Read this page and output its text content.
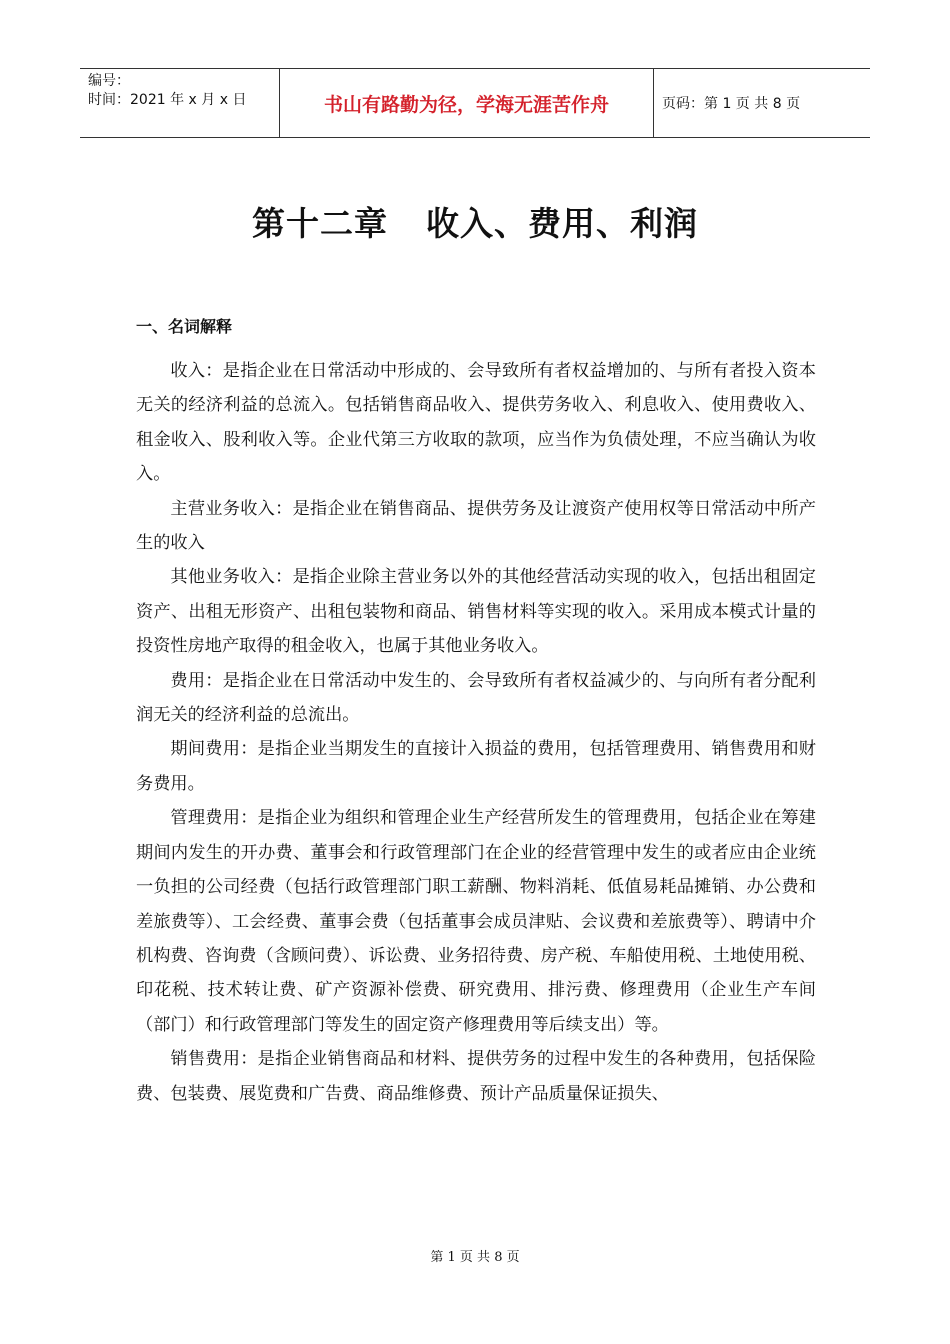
编号：
时间：2021 年 x 月 x 日	书山有路勤为径，学海无涯苦作舟	页码：第 1 页 共 8 页
第十二章 收入、费用、利润
一、名词解释

收入：是指企业在日常活动中形成的、会导致所有者权益增加的、与所有者投入资本无关的经济利益的总流入。包括销售商品收入、提供劳务收入、利息收入、使用费收入、租金收入、股利收入等。企业代第三方收取的款项，应当作为负债处理，不应当确认为收入。

主营业务收入：是指企业在销售商品、提供劳务及让渡资产使用权等日常活动中所产生的收入

其他业务收入：是指企业除主营业务以外的其他经营活动实现的收入，包括出租固定资产、出租无形资产、出租包装物和商品、销售材料等实现的收入。采用成本模式计量的投资性房地产取得的租金收入，也属于其他业务收入。

费用：是指企业在日常活动中发生的、会导致所有者权益减少的、与向所有者分配利润无关的经济利益的总流出。

期间费用：是指企业当期发生的直接计入损益的费用，包括管理费用、销售费用和财务费用。

管理费用：是指企业为组织和管理企业生产经营所发生的管理费用，包括企业在筹建期间内发生的开办费、董事会和行政管理部门在企业的经营管理中发生的或者应由企业统一负担的公司经费（包括行政管理部门职工薪酬、物料消耗、低值易耗品摊销、办公费和差旅费等）、工会经费、董事会费（包括董事会成员津贴、会议费和差旅费等）、聘请中介机构费、咨询费（含顾问费）、诉讼费、业务招待费、房产税、车船使用税、土地使用税、印花税、技术转让费、矿产资源补偿费、研究费用、排污费、修理费用（企业生产车间（部门）和行政管理部门等发生的固定资产修理费用等后续支出）等。

销售费用：是指企业销售商品和材料、提供劳务的过程中发生的各种费用，包括保险费、包装费、展览费和广告费、商品维修费、预计产品质量保证损失、

第 1 页 共 8 页
